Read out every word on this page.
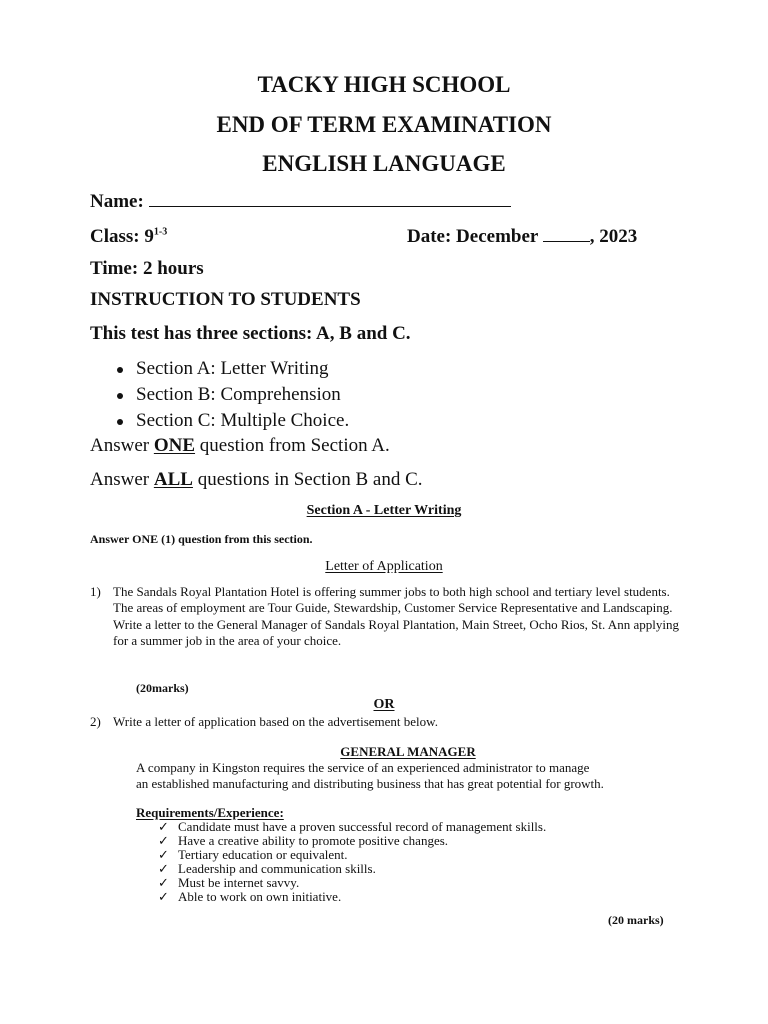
TACKY HIGH SCHOOL
END OF TERM EXAMINATION
ENGLISH LANGUAGE
Name:
Class: 9$^{1-3}$	Date: December	, 2023
Time: 2 hours
INSTRUCTION TO STUDENTS
This test has three sections: A, B and C.
Section A: Letter Writing
Section B: Comprehension
Section C: Multiple Choice.
Answer ONE question from Section A.
Answer ALL questions in Section B and C.
Section A - Letter Writing
Answer ONE (1) question from this section.
Letter of Application
1) The Sandals Royal Plantation Hotel is offering summer jobs to both high school and tertiary level students. The areas of employment are Tour Guide, Stewardship, Customer Service Representative and Landscaping. Write a letter to the General Manager of Sandals Royal Plantation, Main Street, Ocho Rios, St. Ann applying for a summer job in the area of your choice.
(20marks)
OR
2) Write a letter of application based on the advertisement below.
GENERAL MANAGER
A company in Kingston requires the service of an experienced administrator to manage
an established manufacturing and distributing business that has great potential for growth.
Requirements/Experience:
✓ Candidate must have a proven successful record of management skills.
✓ Have a creative ability to promote positive changes.
✓ Tertiary education or equivalent.
✓ Leadership and communication skills.
✓ Must be internet savvy.
✓ Able to work on own initiative.
(20 marks)
